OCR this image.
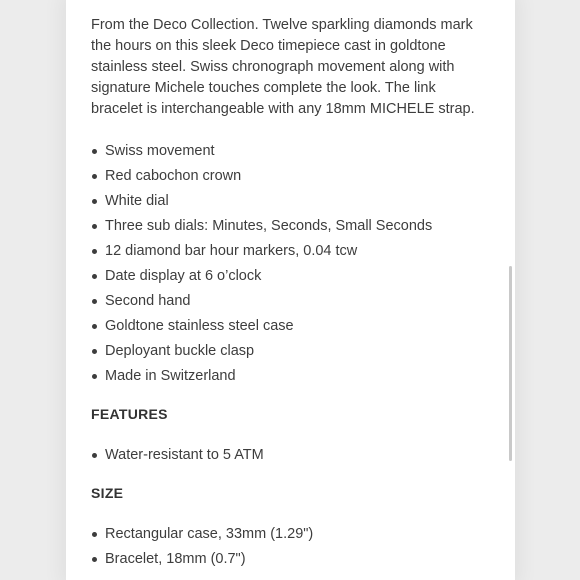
From the Deco Collection. Twelve sparkling diamonds mark the hours on this sleek Deco timepiece cast in goldtone stainless steel. Swiss chronograph movement along with signature Michele touches complete the look. The link bracelet is interchangeable with any 18mm MICHELE strap.

Swiss movement
Red cabochon crown
White dial
Three sub dials: Minutes, Seconds, Small Seconds
12 diamond bar hour markers, 0.04 tcw
Date display at 6 o’clock
Second hand
Goldtone stainless steel case
Deployant buckle clasp
Made in Switzerland
FEATURES
Water-resistant to 5 ATM
SIZE
Rectangular case, 33mm (1.29")
Bracelet, 18mm (0.7")
